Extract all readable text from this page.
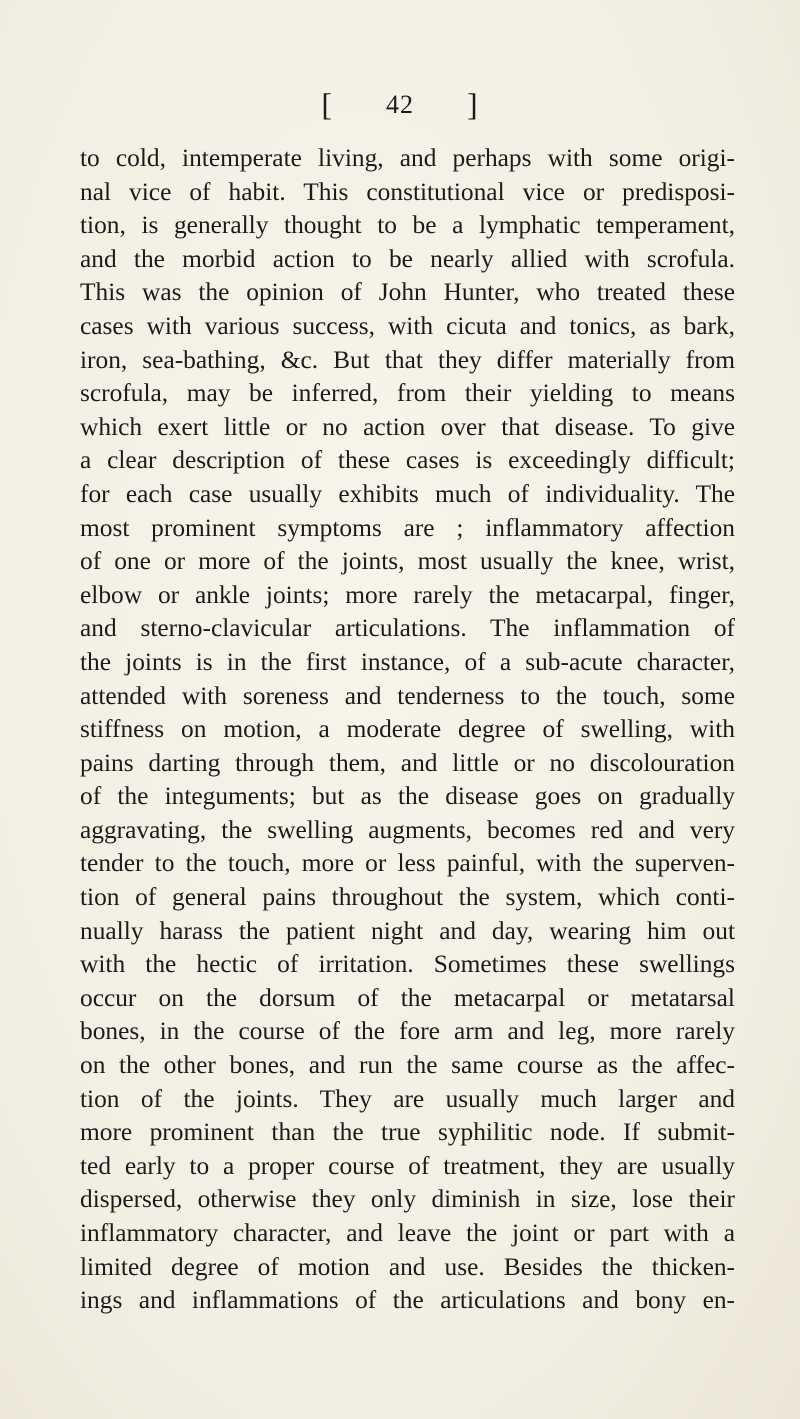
[ 42 ]
to cold, intemperate living, and perhaps with some origi-
nal vice of habit. This constitutional vice or predisposi-
tion, is generally thought to be a lymphatic temperament,
and the morbid action to be nearly allied with scrofula.
This was the opinion of John Hunter, who treated these
cases with various success, with cicuta and tonics, as bark,
iron, sea-bathing, &c. But that they differ materially from
scrofula, may be inferred, from their yielding to means
which exert little or no action over that disease. To give
a clear description of these cases is exceedingly difficult;
for each case usually exhibits much of individuality. The
most prominent symptoms are ; inflammatory affection
of one or more of the joints, most usually the knee, wrist,
elbow or ankle joints; more rarely the metacarpal, finger,
and sterno-clavicular articulations. The inflammation of
the joints is in the first instance, of a sub-acute character,
attended with soreness and tenderness to the touch, some
stiffness on motion, a moderate degree of swelling, with
pains darting through them, and little or no discolouration
of the integuments; but as the disease goes on gradually
aggravating, the swelling augments, becomes red and very
tender to the touch, more or less painful, with the superven-
tion of general pains throughout the system, which conti-
nually harass the patient night and day, wearing him out
with the hectic of irritation. Sometimes these swellings
occur on the dorsum of the metacarpal or metatarsal
bones, in the course of the fore arm and leg, more rarely
on the other bones, and run the same course as the affec-
tion of the joints. They are usually much larger and
more prominent than the true syphilitic node. If submit-
ted early to a proper course of treatment, they are usually
dispersed, otherwise they only diminish in size, lose their
inflammatory character, and leave the joint or part with a
limited degree of motion and use. Besides the thicken-
ings and inflammations of the articulations and bony en-
